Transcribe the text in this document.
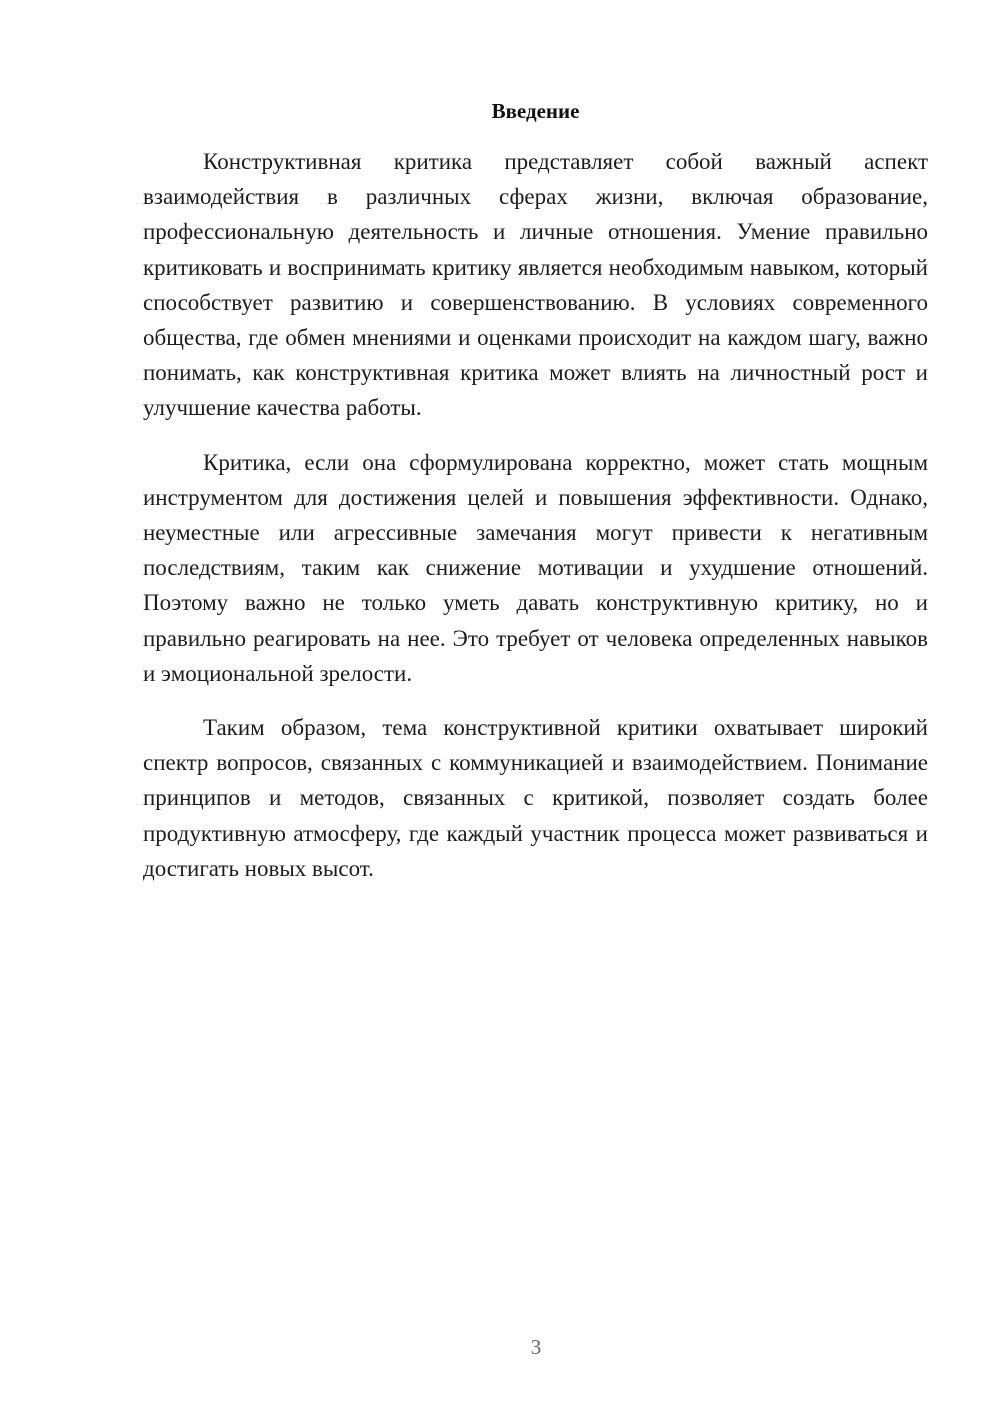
Введение

Конструктивная критика представляет собой важный аспект взаимодействия в различных сферах жизни, включая образование, профессиональную деятельность и личные отношения. Умение правильно критиковать и воспринимать критику является необходимым навыком, который способствует развитию и совершенствованию. В условиях современного общества, где обмен мнениями и оценками происходит на каждом шагу, важно понимать, как конструктивная критика может влиять на личностный рост и улучшение качества работы.

Критика, если она сформулирована корректно, может стать мощным инструментом для достижения целей и повышения эффективности. Однако, неуместные или агрессивные замечания могут привести к негативным последствиям, таким как снижение мотивации и ухудшение отношений. Поэтому важно не только уметь давать конструктивную критику, но и правильно реагировать на нее. Это требует от человека определенных навыков и эмоциональной зрелости.

Таким образом, тема конструктивной критики охватывает широкий спектр вопросов, связанных с коммуникацией и взаимодействием. Понимание принципов и методов, связанных с критикой, позволяет создать более продуктивную атмосферу, где каждый участник процесса может развиваться и достигать новых высот.

3
